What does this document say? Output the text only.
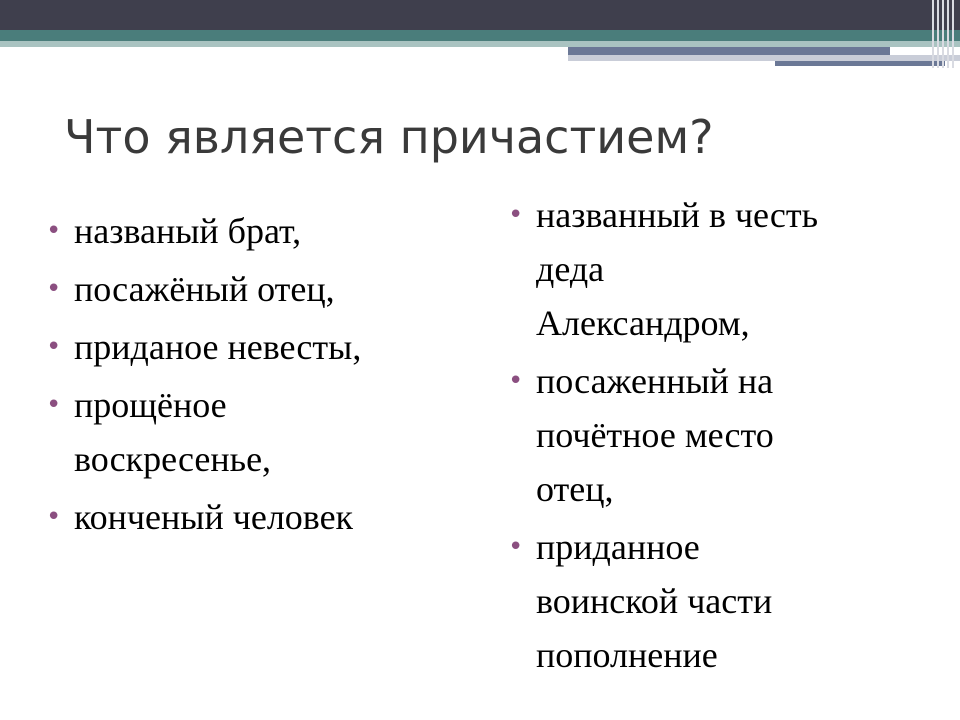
Что является причастием?
• названый брат,
• посажёный отец,
• приданое невесты,
• прощёное
воскресенье,
• конченый человек
• названный в честь
деда
Александром,
• посаженный на
почётное место
отец,
• приданное
воинской части
пополнение
